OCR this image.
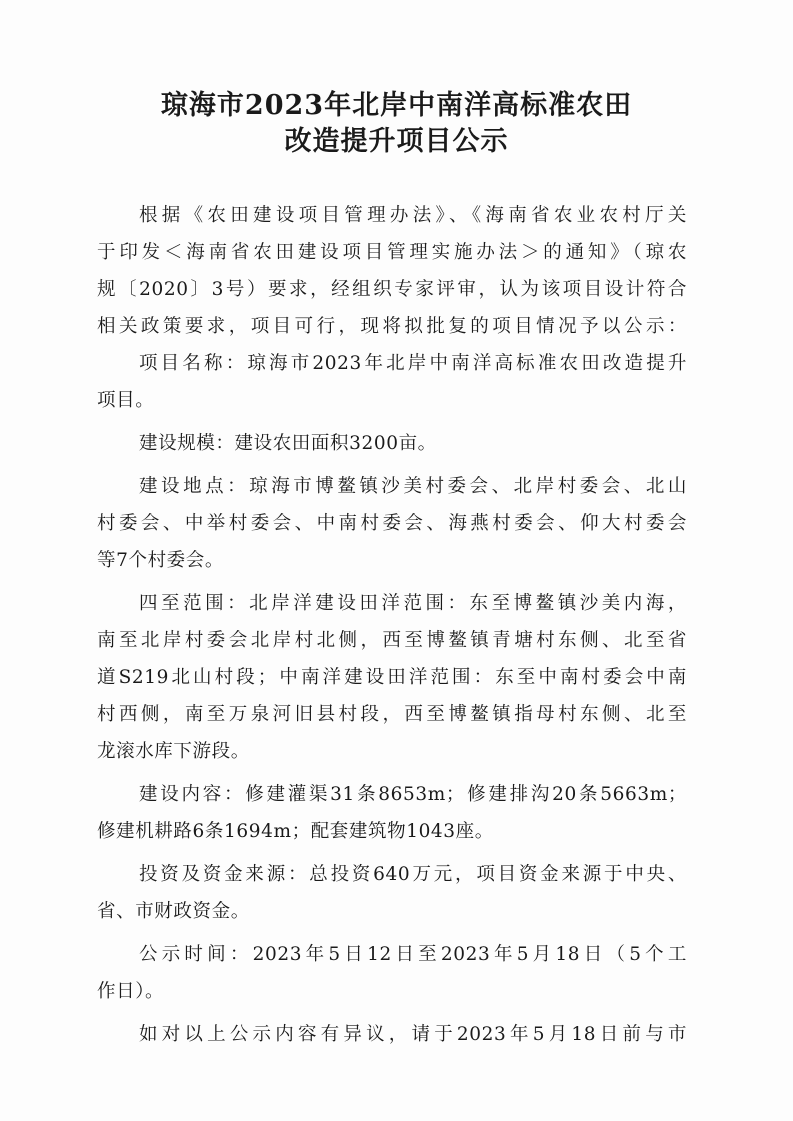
琼海市2023年北岸中南洋高标准农田
改造提升项目公示
根据《农田建设项目管理办法》、《海南省农业农村厅关
于印发＜海南省农田建设项目管理实施办法＞的通知》（琼农
规〔2020〕3号）要求，经组织专家评审，认为该项目设计符合
相关政策要求，项目可行，现将拟批复的项目情况予以公示：
项目名称：琼海市2023年北岸中南洋高标准农田改造提升
项目。
建设规模：建设农田面积3200亩。
建设地点：琼海市博鳌镇沙美村委会、北岸村委会、北山
村委会、中举村委会、中南村委会、海燕村委会、仰大村委会
等7个村委会。
四至范围：北岸洋建设田洋范围：东至博鳌镇沙美内海，
南至北岸村委会北岸村北侧，西至博鳌镇青塘村东侧、北至省
道S219北山村段；中南洋建设田洋范围：东至中南村委会中南
村西侧，南至万泉河旧县村段，西至博鳌镇指母村东侧、北至
龙滚水库下游段。
建设内容：修建灌渠31条8653m；修建排沟20条5663m；
修建机耕路6条1694m；配套建筑物1043座。
投资及资金来源：总投资640万元，项目资金来源于中央、
省、市财政资金。
公示时间：2023年5日12日至2023年5月18日（5个工
作日）。
如对以上公示内容有异议，请于2023年5月18日前与市
